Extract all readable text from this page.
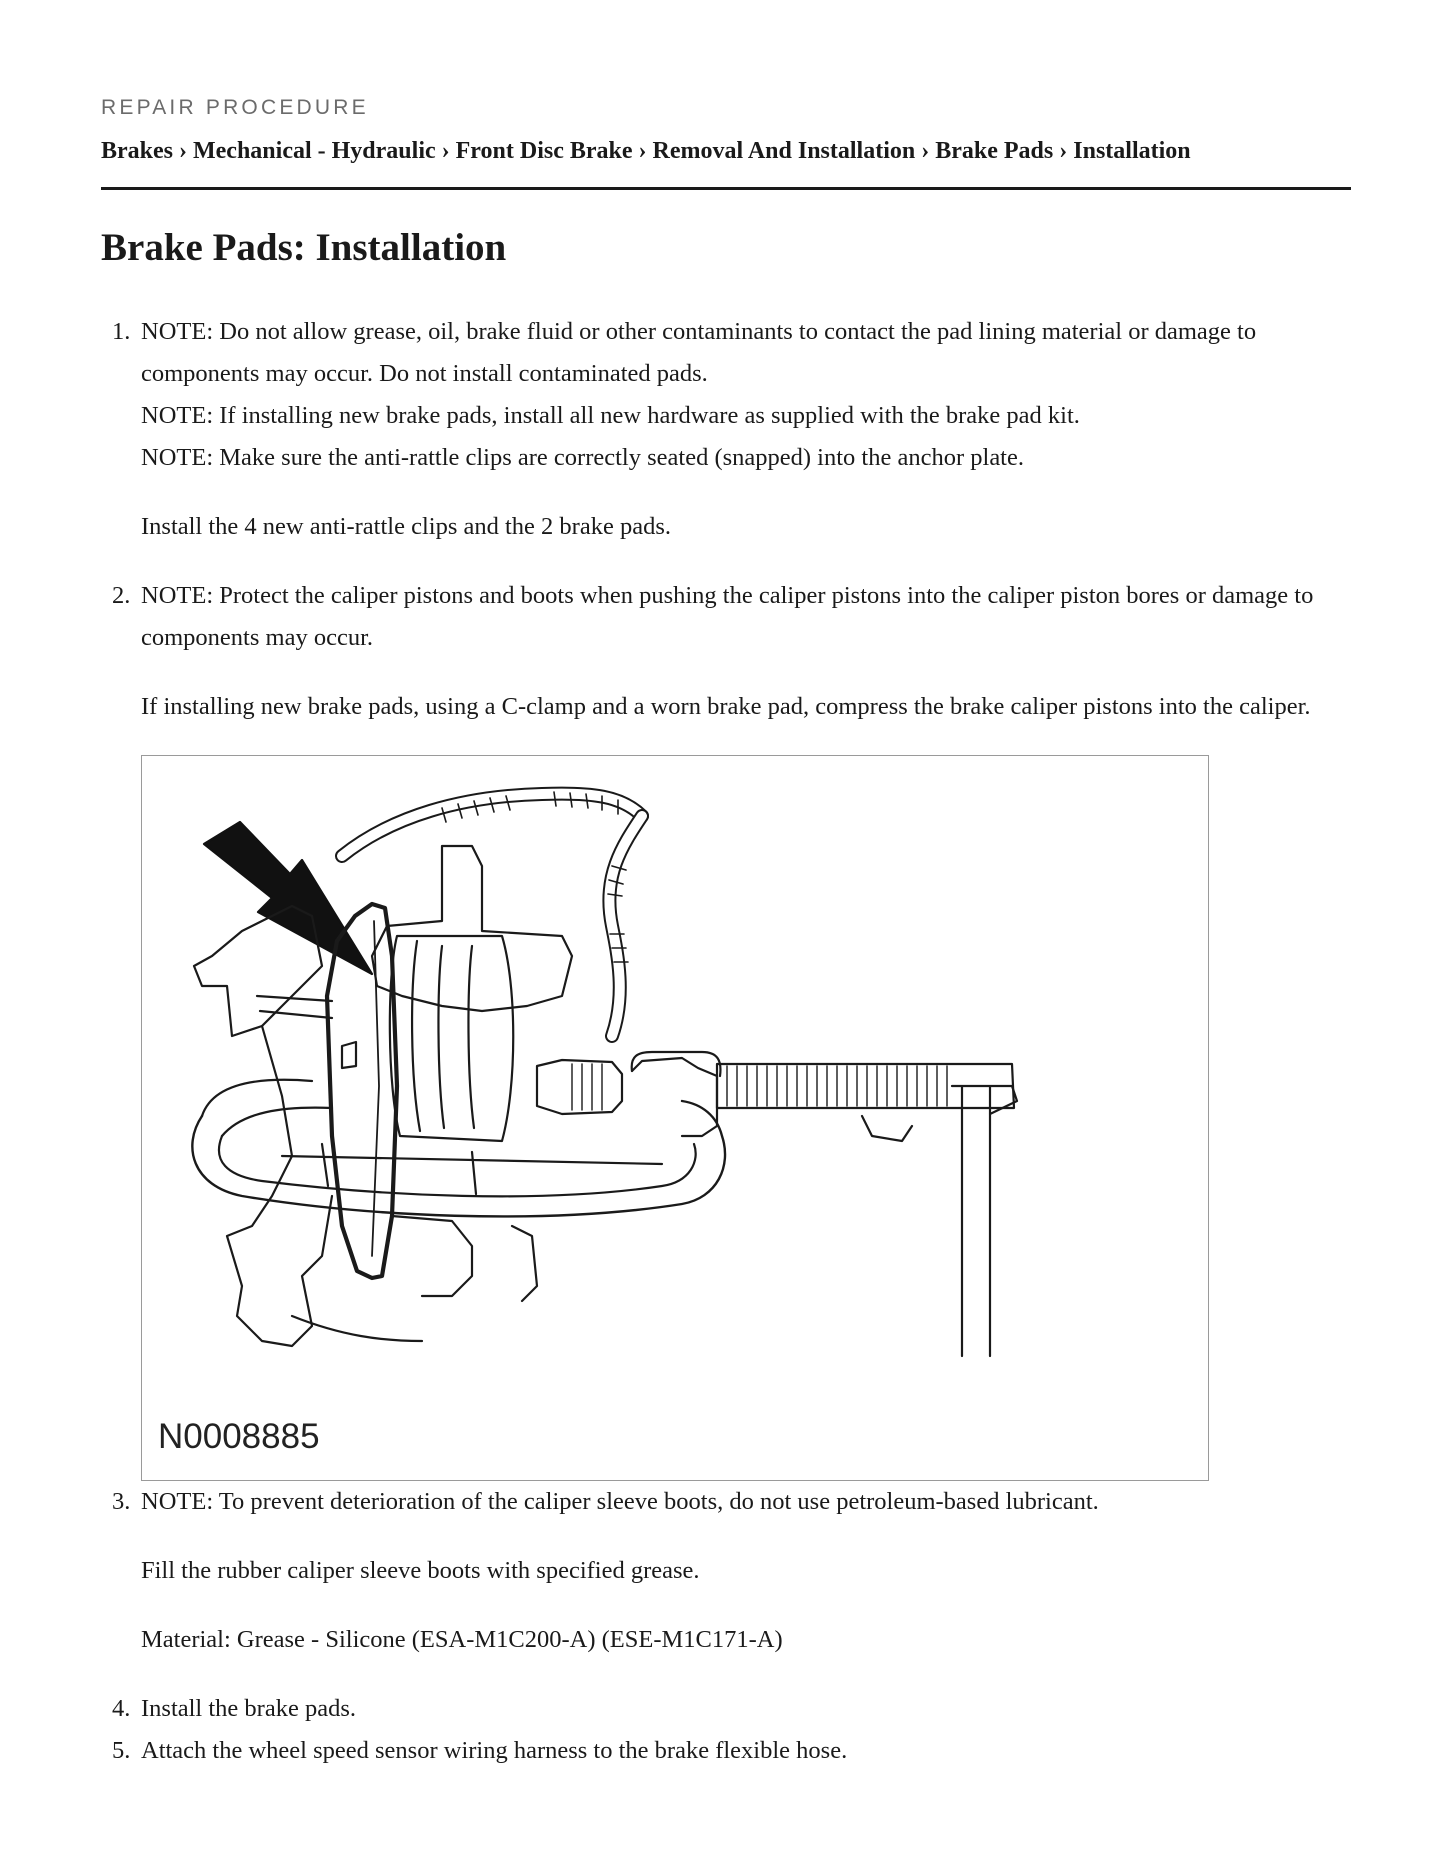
REPAIR PROCEDURE
Brakes › Mechanical - Hydraulic › Front Disc Brake › Removal And Installation › Brake Pads › Installation
Brake Pads: Installation
1. NOTE: Do not allow grease, oil, brake fluid or other contaminants to contact the pad lining material or damage to components may occur. Do not install contaminated pads.

NOTE: If installing new brake pads, install all new hardware as supplied with the brake pad kit.

NOTE: Make sure the anti-rattle clips are correctly seated (snapped) into the anchor plate.

Install the 4 new anti-rattle clips and the 2 brake pads.

2. NOTE: Protect the caliper pistons and boots when pushing the caliper pistons into the caliper piston bores or damage to components may occur.

If installing new brake pads, using a C-clamp and a worn brake pad, compress the brake caliper pistons into the caliper.

N0008885
3. NOTE: To prevent deterioration of the caliper sleeve boots, do not use petroleum-based lubricant.

Fill the rubber caliper sleeve boots with specified grease.

Material: Grease - Silicone (ESA-M1C200-A) (ESE-M1C171-A)

4. Install the brake pads.

5. Attach the wheel speed sensor wiring harness to the brake flexible hose.
